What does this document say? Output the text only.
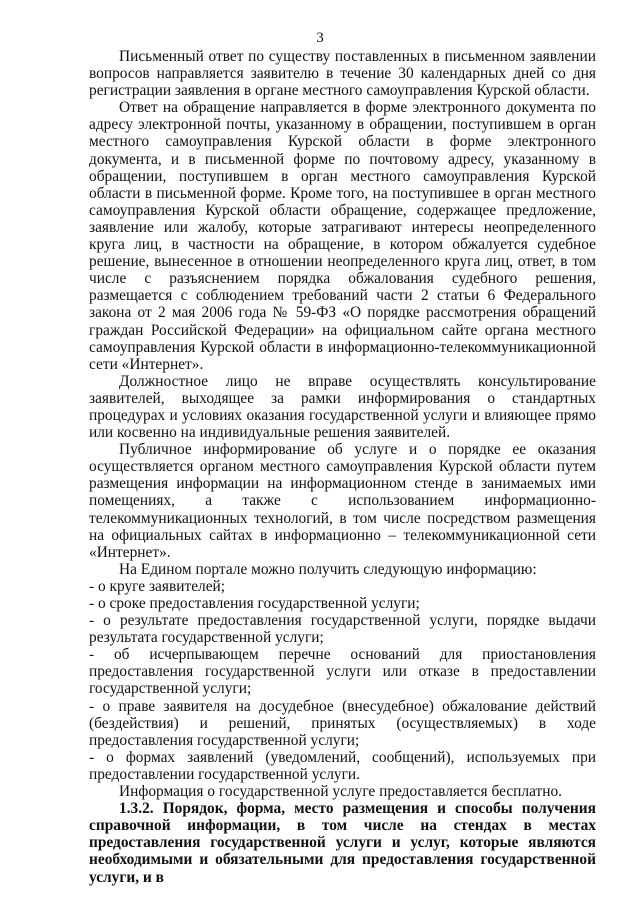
3

Письменный ответ по существу поставленных в письменном заявлении вопросов направляется заявителю в течение 30 календарных дней со дня регистрации заявления в органе местного самоуправления Курской области.

Ответ на обращение направляется в форме электронного документа по адресу электронной почты, указанному в обращении, поступившем в орган местного самоуправления Курской области в форме электронного документа, и в письменной форме по почтовому адресу, указанному в обращении, поступившем в орган местного самоуправления Курской области в письменной форме. Кроме того, на поступившее в орган местного самоуправления Курской области обращение, содержащее предложение, заявление или жалобу, которые затрагивают интересы неопределенного круга лиц, в частности на обращение, в котором обжалуется судебное решение, вынесенное в отношении неопределенного круга лиц, ответ, в том числе с разъяснением порядка обжалования судебного решения, размещается с соблюдением требований части 2 статьи 6 Федерального закона от 2 мая 2006 года № 59-ФЗ «О порядке рассмотрения обращений граждан Российской Федерации» на официальном сайте органа местного самоуправления Курской области в информационно-телекоммуникационной сети «Интернет».

Должностное лицо не вправе осуществлять консультирование заявителей, выходящее за рамки информирования о стандартных процедурах и условиях оказания государственной услуги и влияющее прямо или косвенно на индивидуальные решения заявителей.

Публичное информирование об услуге и о порядке ее оказания осуществляется органом местного самоуправления Курской области путем размещения информации на информационном стенде в занимаемых ими помещениях, а также с использованием информационно-телекоммуникационных технологий, в том числе посредством размещения на официальных сайтах в информационно – телекоммуникационной сети «Интернет».

На Едином портале можно получить следующую информацию:

- о круге заявителей;

- о сроке предоставления государственной услуги;

- о результате предоставления государственной услуги, порядке выдачи результата государственной услуги;

- об исчерпывающем перечне оснований для приостановления предоставления государственной услуги или отказе в предоставлении государственной услуги;

- о праве заявителя на досудебное (внесудебное) обжалование действий (бездействия) и решений, принятых (осуществляемых) в ходе предоставления государственной услуги;

- о формах заявлений (уведомлений, сообщений), используемых при предоставлении государственной услуги.

Информация о государственной услуге предоставляется бесплатно.

1.3.2. Порядок, форма, место размещения и способы получения справочной информации, в том числе на стендах в местах предоставления государственной услуги и услуг, которые являются необходимыми и обязательными для предоставления государственной услуги, и в
